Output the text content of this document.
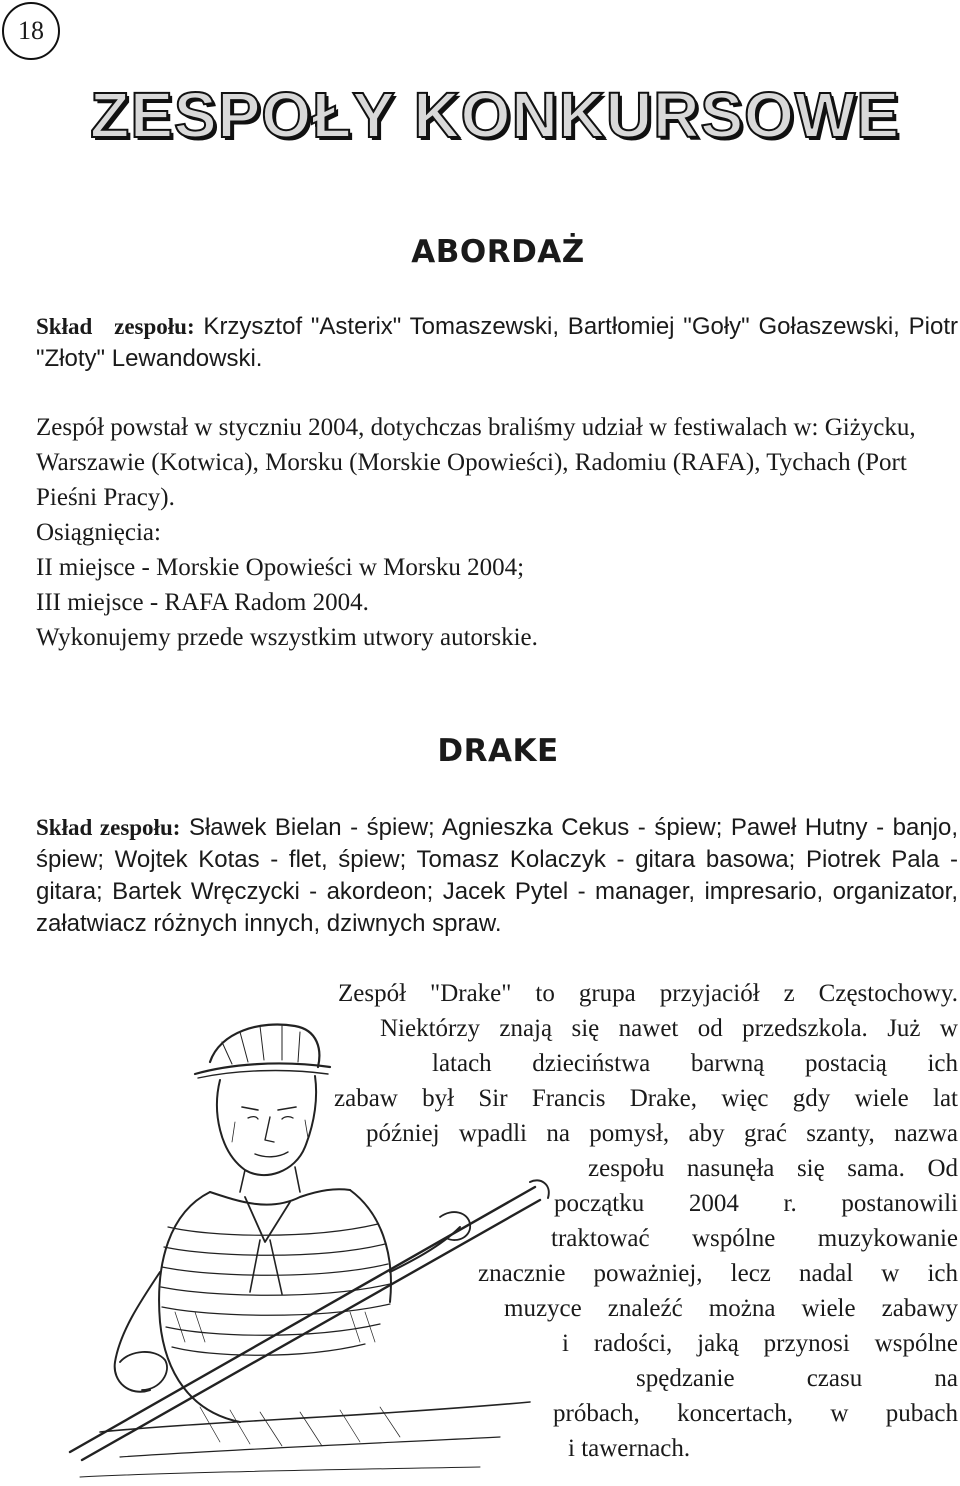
18
ZESPOŁY KONKURSOWE
ABORDAŻ

Skład zespołu: Krzysztof "Asterix" Tomaszewski, Bartłomiej "Goły" Gołaszewski, Piotr "Złoty" Lewandowski.

Zespół powstał w styczniu 2004, dotychczas braliśmy udział w festiwalach w: Giżycku, Warszawie (Kotwica), Morsku (Morskie Opowieści), Radomiu (RAFA), Tychach (Port Pieśni Pracy).

Osiągnięcia:

II miejsce - Morskie Opowieści w Morsku 2004;

III miejsce - RAFA Radom 2004.

Wykonujemy przede wszystkim utwory autorskie.

DRAKE

Skład zespołu: Sławek Bielan - śpiew; Agnieszka Cekus - śpiew; Paweł Hutny - banjo, śpiew; Wojtek Kotas - flet, śpiew; Tomasz Kolaczyk - gitara basowa; Piotrek Pala - gitara; Bartek Wręczycki - akordeon; Jacek Pytel - manager, impresario, organizator, załatwiacz różnych innych, dziwnych spraw.

Zespół "Drake" to grupa przyjaciół z Częstochowy.
Niektórzy znają się nawet od przedszkola. Już w
latach dzieciństwa barwną postacią ich
zabaw był Sir Francis Drake, więc gdy wiele lat
później wpadli na pomysł, aby grać szanty, nazwa
zespołu nasunęła się sama. Od
początku 2004 r. postanowili
traktować wspólne muzykowanie
znacznie poważniej, lecz nadal w ich
muzyce znaleźć można wiele zabawy
i radości, jaką przynosi wspólne
spędzanie czasu na
próbach, koncertach, w pubach
i tawernach.
